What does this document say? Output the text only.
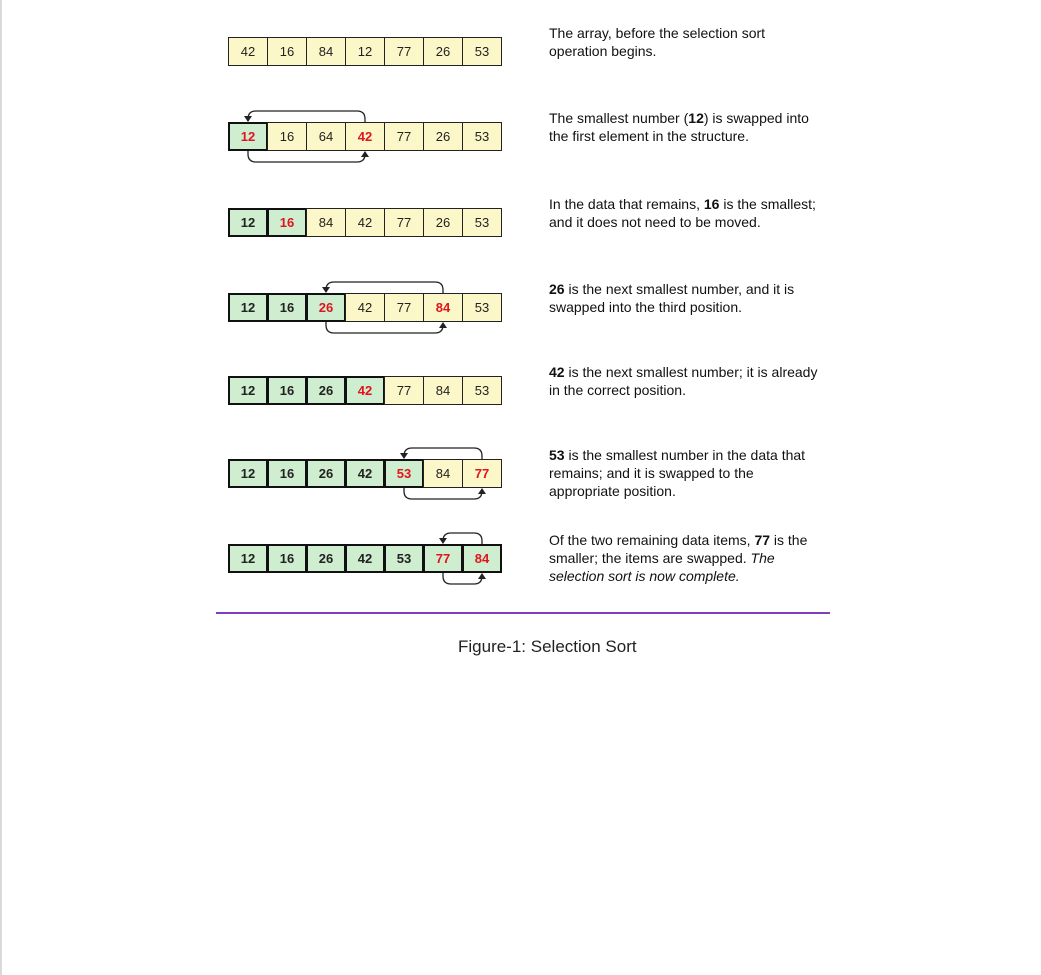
42	16	84	12	77	26	53
The array, before the selection sort operation begins.
12	16	64	42	77	26	53
The smallest number (12) is swapped into the first element in the structure.
12	16	84	42	77	26	53
In the data that remains, 16 is the smallest; and it does not need to be moved.
12	16	26	42	77	84	53
26 is the next smallest number, and it is swapped into the third position.
12	16	26	42	77	84	53
42 is the next smallest number; it is already in the correct position.
12	16	26	42	53	84	77
53 is the smallest number in the data that remains; and it is swapped to the appropriate position.
12	16	26	42	53	77	84
Of the two remaining data items, 77 is the smaller; the items are swapped. The selection sort is now complete.
Figure-1: Selection Sort
